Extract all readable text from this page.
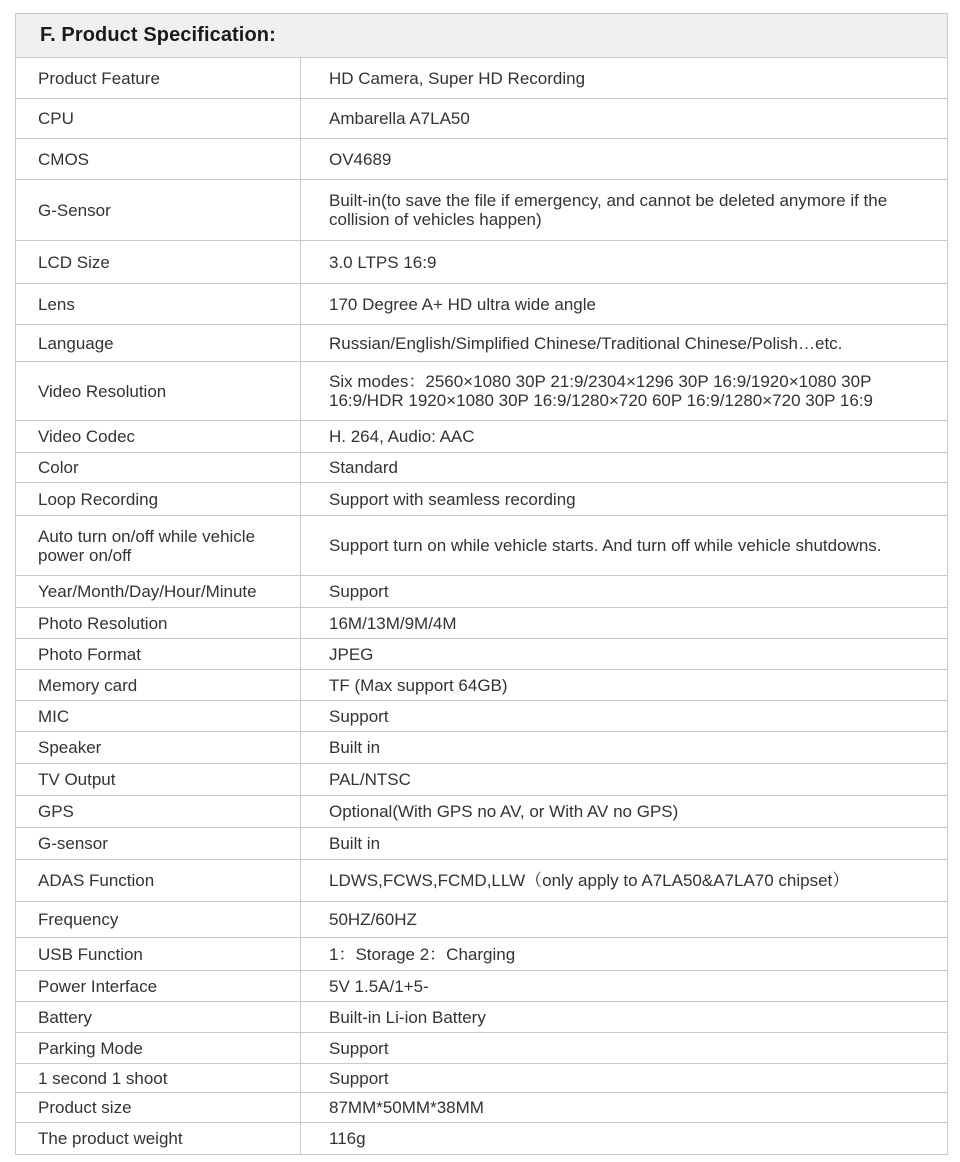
F. Product Specification:
Product Feature	HD Camera, Super HD Recording
CPU	Ambarella A7LA50
CMOS	OV4689
G-Sensor	Built-in(to save the file if emergency, and cannot be deleted anymore if the collision of vehicles happen)
LCD Size	3.0 LTPS 16:9
Lens	170 Degree A+ HD ultra wide angle
Language	Russian/English/Simplified Chinese/Traditional Chinese/Polish…etc.
Video Resolution	Six modes：2560×1080 30P 21:9/2304×1296 30P 16:9/1920×1080 30P 16:9/HDR 1920×1080 30P 16:9/1280×720 60P 16:9/1280×720 30P 16:9
Video Codec	H. 264, Audio: AAC
Color	Standard
Loop Recording	Support with seamless recording
Auto turn on/off while vehicle power on/off	Support turn on while vehicle starts. And turn off while vehicle shutdowns.
Year/Month/Day/Hour/Minute	Support
Photo Resolution	16M/13M/9M/4M
Photo Format	JPEG
Memory card	TF (Max support 64GB)
MIC	Support
Speaker	Built in
TV Output	PAL/NTSC
GPS	Optional(With GPS no AV, or With AV no GPS)
G-sensor	Built in
ADAS Function	LDWS,FCWS,FCMD,LLW（only apply to A7LA50&A7LA70 chipset）
Frequency	50HZ/60HZ
USB Function	1：Storage 2：Charging
Power Interface	5V 1.5A/1+5-
Battery	Built-in Li-ion Battery
Parking Mode	Support
1 second 1 shoot	Support
Product size	87MM*50MM*38MM
The product weight	116g
